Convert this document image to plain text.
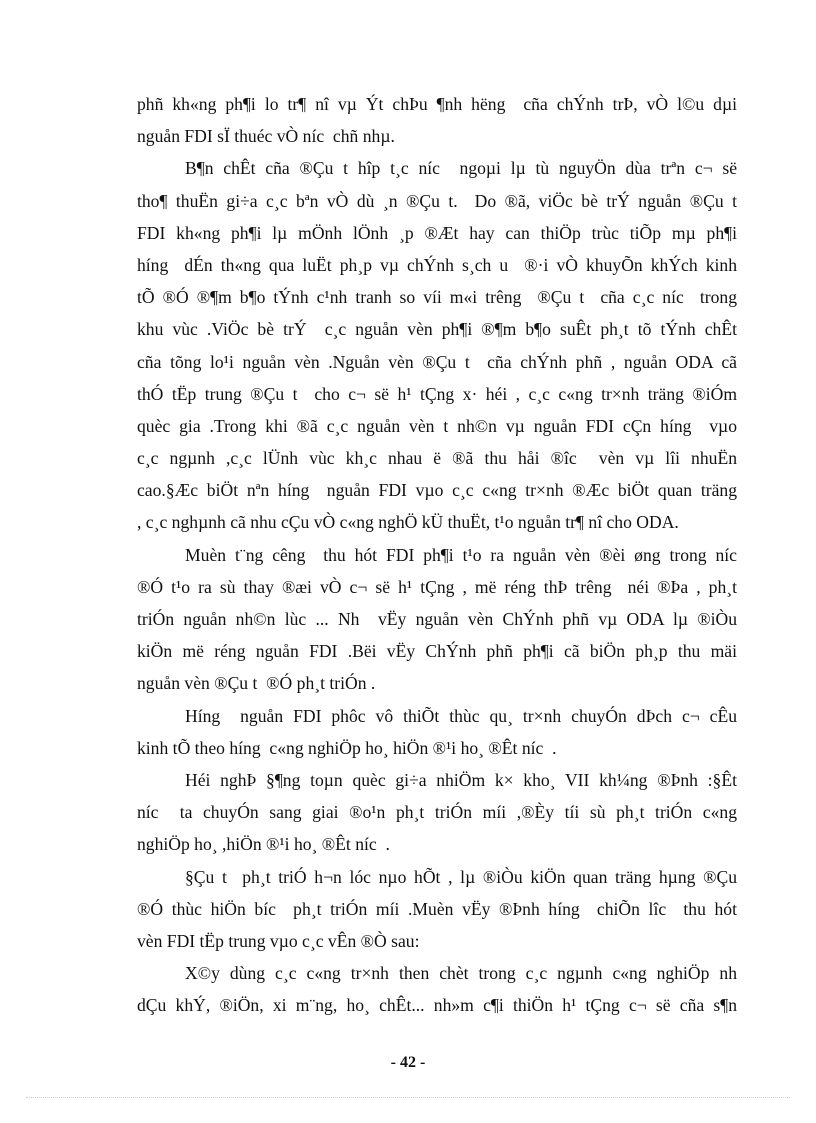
phñ kh«ng ph¶i lo tr¶ nî vµ Ýt chÞu ¶nh hëng  cña chÝnh trÞ, vÒ l©u dµi
nguån FDI sÏ thuéc vÒ níc  chñ nhµ.
B¶n chÊt cña ®Çu t hîp t¸c níc  ngoµi lµ tù nguyÖn dùa trªn c¬ së
tho¶ thuËn gi÷a c¸c bªn vÒ dù ¸n ®Çu t.  Do ®ã, viÖc bè trÝ nguån ®Çu t
FDI kh«ng ph¶i lµ mÖnh lÖnh ¸p ®Æt hay can thiÖp trùc tiÕp mµ ph¶i
híng  dÉn th«ng qua luËt ph¸p vµ chÝnh s¸ch u  ®·i vÒ khuyÕn khÝch kinh
tÕ ®Ó ®¶m b¶o tÝnh c¹nh tranh so víi m«i trêng  ®Çu t  cña c¸c níc  trong
khu vùc .ViÖc bè trÝ  c¸c nguån vèn ph¶i ®¶m b¶o suÊt ph¸t tõ tÝnh chÊt
cña tõng lo¹i nguån vèn .Nguån vèn ®Çu t  cña chÝnh phñ , nguån ODA cã
thÓ tËp trung ®Çu t  cho c¬ së h¹ tÇng x· héi , c¸c c«ng tr×nh träng ®iÓm
quèc gia .Trong khi ®ã c¸c nguån vèn t nh©n vµ nguån FDI cÇn híng  vµo
c¸c ngµnh ,c¸c lÜnh vùc kh¸c nhau ë ®ã thu håi ®îc  vèn vµ lîi nhuËn
cao.§Æc biÖt nªn híng  nguån FDI vµo c¸c c«ng tr×nh ®Æc biÖt quan träng
, c¸c nghµnh cã nhu cÇu vÒ c«ng nghÖ kÜ thuËt, t¹o nguån tr¶ nî cho ODA.
Muèn t¨ng cêng  thu hót FDI ph¶i t¹o ra nguån vèn ®èi øng trong níc
®Ó t¹o ra sù thay ®æi vÒ c¬ së h¹ tÇng , më réng thÞ trêng  néi ®Þa , ph¸t
triÓn nguån nh©n lùc ... Nh  vËy nguån vèn ChÝnh phñ vµ ODA lµ ®iÒu
kiÖn më réng nguån FDI .Bëi vËy ChÝnh phñ ph¶i cã biÖn ph¸p thu mäi
nguån vèn ®Çu t  ®Ó ph¸t triÓn .
Híng  nguån FDI phôc vô thiÕt thùc qu¸ tr×nh chuyÓn dÞch c¬ cÊu
kinh tÕ theo híng  c«ng nghiÖp ho¸ hiÖn ®¹i ho¸ ®Êt níc  .
Héi nghÞ §¶ng toµn quèc gi÷a nhiÖm k× kho¸ VII kh¼ng ®Þnh :§Êt
níc  ta chuyÓn sang giai ®o¹n ph¸t triÓn míi ,®Èy tíi sù ph¸t triÓn c«ng
nghiÖp ho¸ ,hiÖn ®¹i ho¸ ®Êt níc  .
§Çu t  ph¸t triÓ h¬n lóc nµo hÕt , lµ ®iÒu kiÖn quan träng hµng ®Çu
®Ó thùc hiÖn bíc  ph¸t triÓn míi .Muèn vËy ®Þnh híng  chiÕn lîc  thu hót
vèn FDI tËp trung vµo c¸c vÊn ®Ò sau:
X©y dùng c¸c c«ng tr×nh then chèt trong c¸c ngµnh c«ng nghiÖp nh
dÇu khÝ, ®iÖn, xi m¨ng, ho¸ chÊt... nh»m c¶i thiÖn h¹ tÇng c¬ së cña s¶n
- 42 -
